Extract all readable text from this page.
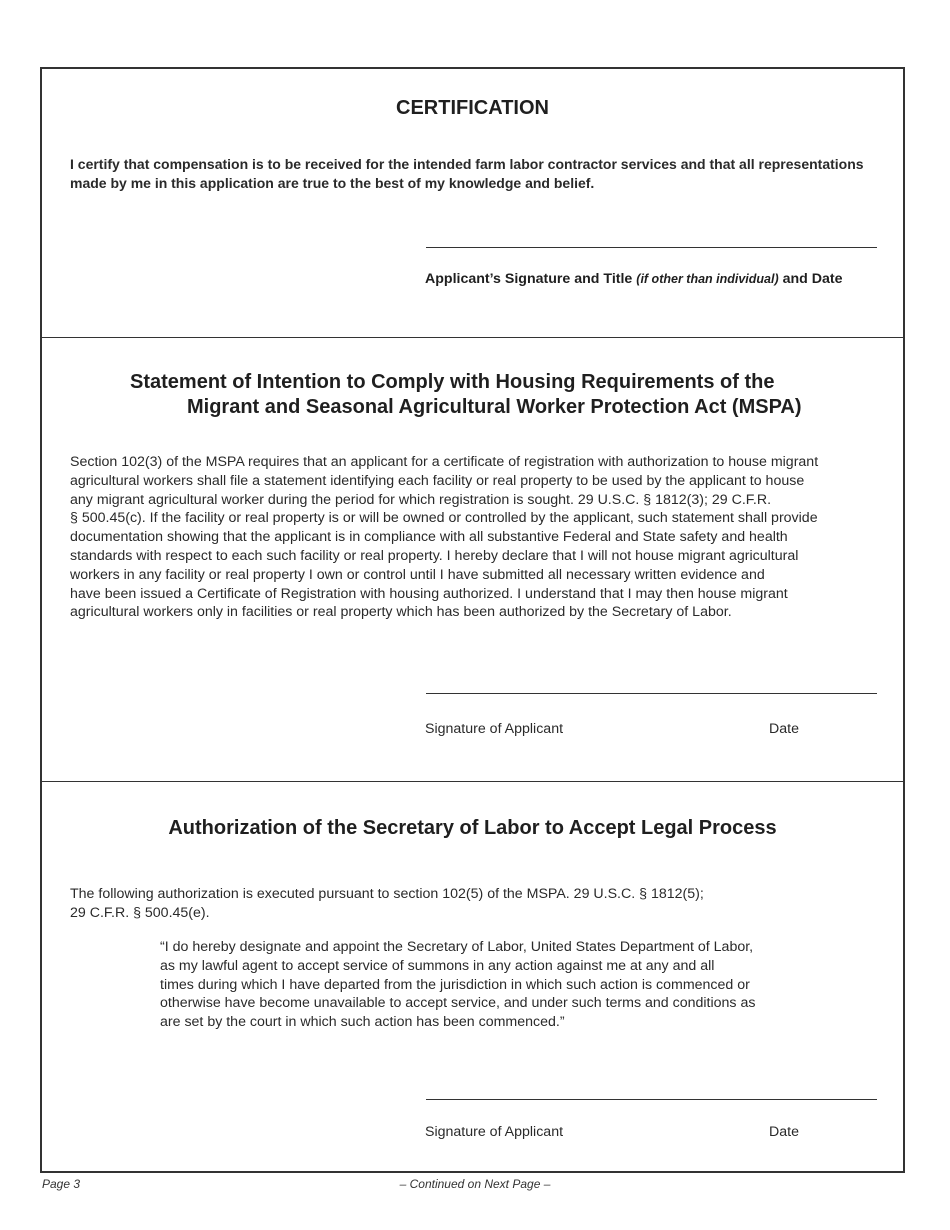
CERTIFICATION
I certify that compensation is to be received for the intended farm labor contractor services and that all representations made by me in this application are true to the best of my knowledge and belief.
Applicant’s Signature and Title (if other than individual) and Date
Statement of Intention to Comply with Housing Requirements of the
Migrant and Seasonal Agricultural Worker Protection Act (MSPA)
Section 102(3) of the MSPA requires that an applicant for a certificate of registration with authorization to house migrant
agricultural workers shall file a statement identifying each facility or real property to be used by the applicant to house
any migrant agricultural worker during the period for which registration is sought. 29 U.S.C. § 1812(3); 29 C.F.R.
§ 500.45(c). If the facility or real property is or will be owned or controlled by the applicant, such statement shall provide
documentation showing that the applicant is in compliance with all substantive Federal and State safety and health
standards with respect to each such facility or real property. I hereby declare that I will not house migrant agricultural
workers in any facility or real property I own or control until I have submitted all necessary written evidence and
have been issued a Certificate of Registration with housing authorized. I understand that I may then house migrant
agricultural workers only in facilities or real property which has been authorized by the Secretary of Labor.
Signature of Applicant	Date
Authorization of the Secretary of Labor to Accept Legal Process
The following authorization is executed pursuant to section 102(5) of the MSPA. 29 U.S.C. § 1812(5);
29 C.F.R. § 500.45(e).
“I do hereby designate and appoint the Secretary of Labor, United States Department of Labor,
as my lawful agent to accept service of summons in any action against me at any and all
times during which I have departed from the jurisdiction in which such action is commenced or
otherwise have become unavailable to accept service, and under such terms and conditions as
are set by the court in which such action has been commenced.”
Signature of Applicant	Date
Page 3	– Continued on Next Page –
